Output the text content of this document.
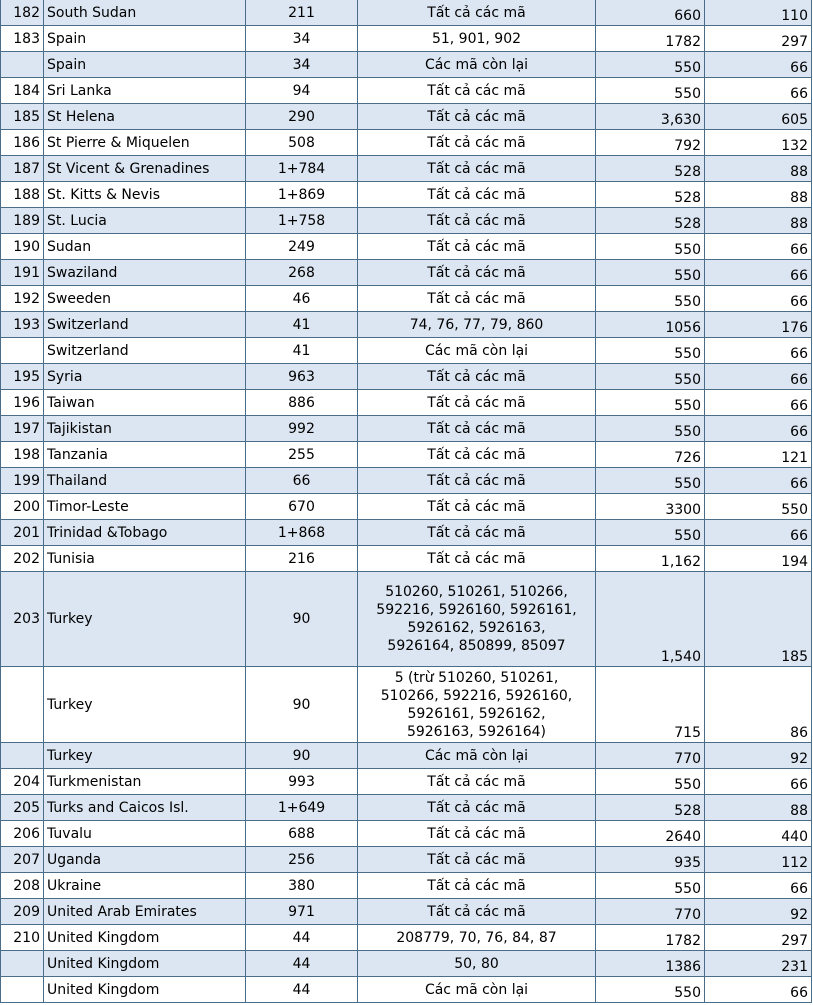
182	South Sudan	211	Tất cả các mã	660	110
183	Spain	34	51, 901, 902	1782	297
	Spain	34	Các mã còn lại	550	66
184	Sri Lanka	94	Tất cả các mã	550	66
185	St Helena	290	Tất cả các mã	3,630	605
186	St Pierre & Miquelen	508	Tất cả các mã	792	132
187	St Vicent & Grenadines	1+784	Tất cả các mã	528	88
188	St. Kitts & Nevis	1+869	Tất cả các mã	528	88
189	St. Lucia	1+758	Tất cả các mã	528	88
190	Sudan	249	Tất cả các mã	550	66
191	Swaziland	268	Tất cả các mã	550	66
192	Sweeden	46	Tất cả các mã	550	66
193	Switzerland	41	74, 76, 77, 79, 860	1056	176
	Switzerland	41	Các mã còn lại	550	66
195	Syria	963	Tất cả các mã	550	66
196	Taiwan	886	Tất cả các mã	550	66
197	Tajikistan	992	Tất cả các mã	550	66
198	Tanzania	255	Tất cả các mã	726	121
199	Thailand	66	Tất cả các mã	550	66
200	Timor-Leste	670	Tất cả các mã	3300	550
201	Trinidad &Tobago	1+868	Tất cả các mã	550	66
202	Tunisia	216	Tất cả các mã	1,162	194
203	Turkey	90	510260, 510261, 510266,
592216, 5926160, 5926161,
5926162, 5926163,
5926164, 850899, 85097	1,540	185
	Turkey	90	5 (trừ 510260, 510261,
510266, 592216, 5926160,
5926161, 5926162,
5926163, 5926164)	715	86
	Turkey	90	Các mã còn lại	770	92
204	Turkmenistan	993	Tất cả các mã	550	66
205	Turks and Caicos Isl.	1+649	Tất cả các mã	528	88
206	Tuvalu	688	Tất cả các mã	2640	440
207	Uganda	256	Tất cả các mã	935	112
208	Ukraine	380	Tất cả các mã	550	66
209	United Arab Emirates	971	Tất cả các mã	770	92
210	United Kingdom	44	208779, 70, 76, 84, 87	1782	297
	United Kingdom	44	50, 80	1386	231
	United Kingdom	44	Các mã còn lại	550	66
